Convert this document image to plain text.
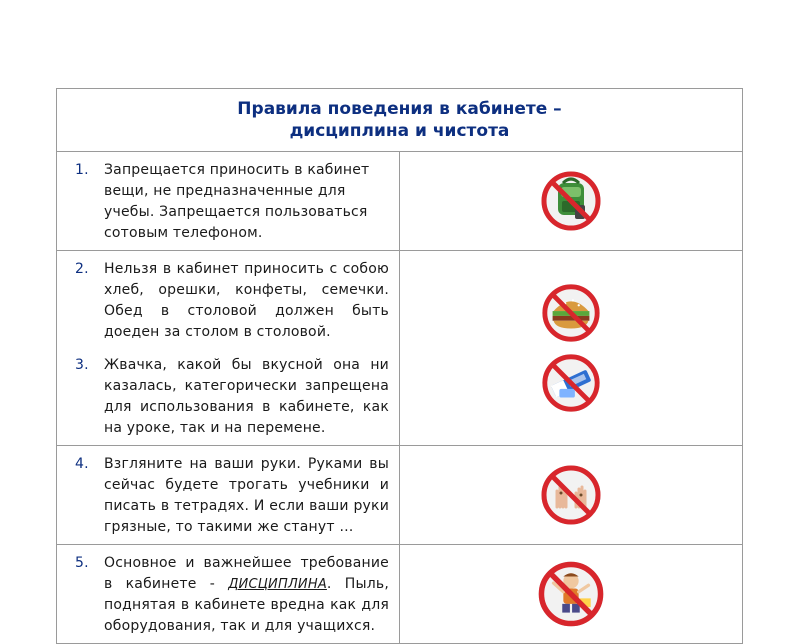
Правила поведения в кабинете –
дисциплина и чистота	

1. Запрещается приносить в кабинет вещи, не предназначенные для учебы. Запрещается пользоваться сотовым телефоном.

2. Нельзя в кабинет приносить с собою хлеб, орешки, конфеты, семечки. Обед в столовой должен быть доеден за столом в столовой.
3. Жвачка, какой бы вкусной она ни казалась, категорически запрещена для использования в кабинете, как на уроке, так и на перемене.

4. Взгляните на ваши руки. Руками вы сейчас будете трогать учебники и писать в тетрадях. И если ваши руки грязные, то такими же станут …

5. Основное и важнейшее требование в кабинете - ДИСЦИПЛИНА. Пыль, поднятая в кабинете вредна как для оборудования, так и для учащихся.
